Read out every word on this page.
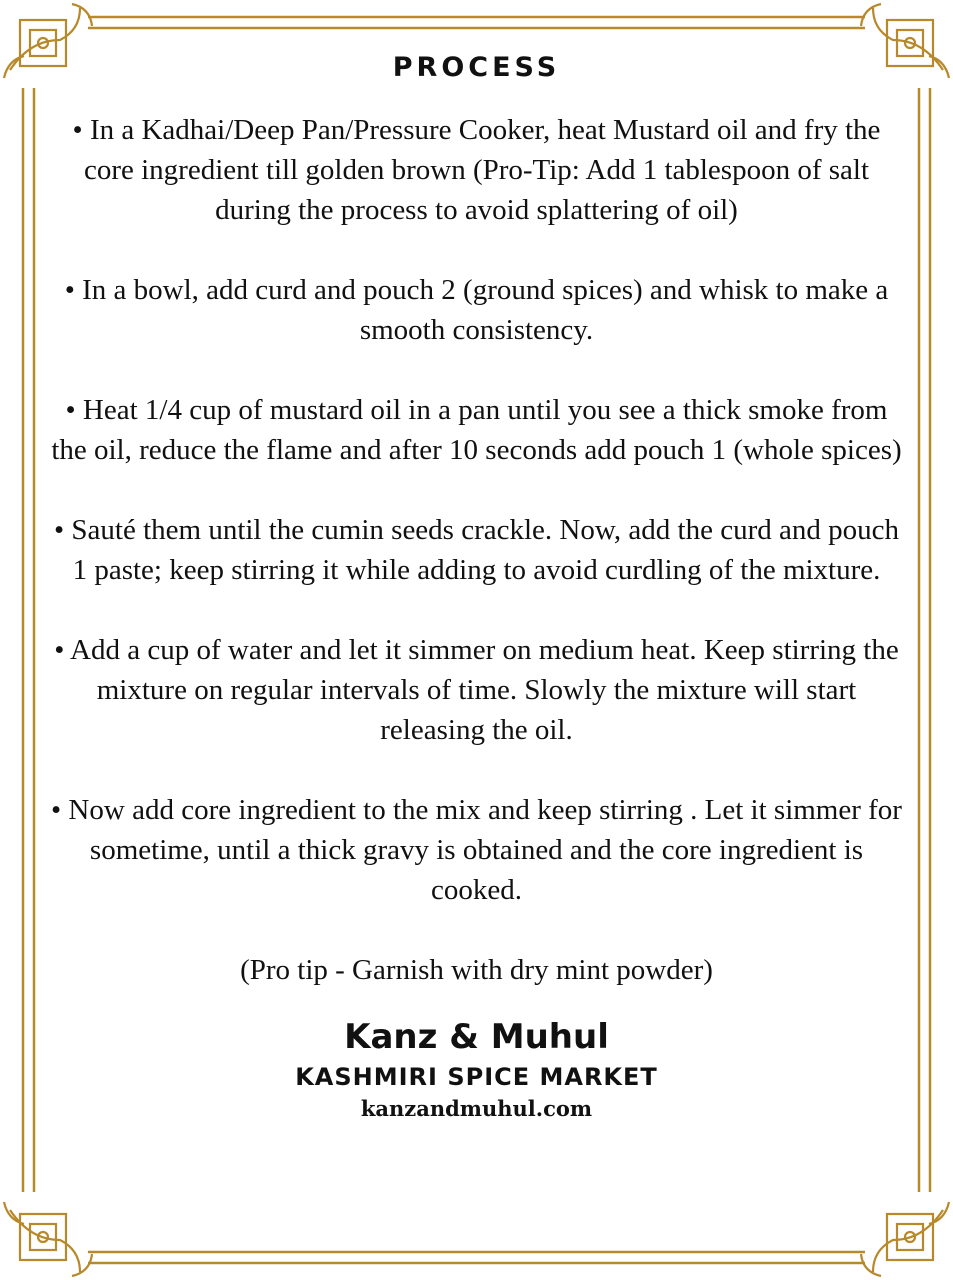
PROCESS

• In a Kadhai/Deep Pan/Pressure Cooker, heat Mustard oil and fry the core ingredient till golden brown (Pro-Tip: Add 1 tablespoon of salt during the process to avoid splattering of oil)

• In a bowl, add curd and pouch 2 (ground spices) and whisk to make a smooth consistency.

• Heat 1/4 cup of mustard oil in a pan until you see a thick smoke from the oil, reduce the flame and after 10 seconds add pouch 1 (whole spices)

• Sauté them until the cumin seeds crackle. Now, add the curd and pouch 1 paste; keep stirring it while adding to avoid curdling of the mixture.

• Add a cup of water and let it simmer on medium heat. Keep stirring the mixture on regular intervals of time. Slowly the mixture will start releasing the oil.

• Now add core ingredient to the mix and keep stirring . Let it simmer for sometime, until a thick gravy is obtained and the core ingredient is cooked.

(Pro tip - Garnish with dry mint powder)

Kanz & Muhul

KASHMIRI SPICE MARKET

kanzandmuhul.com
